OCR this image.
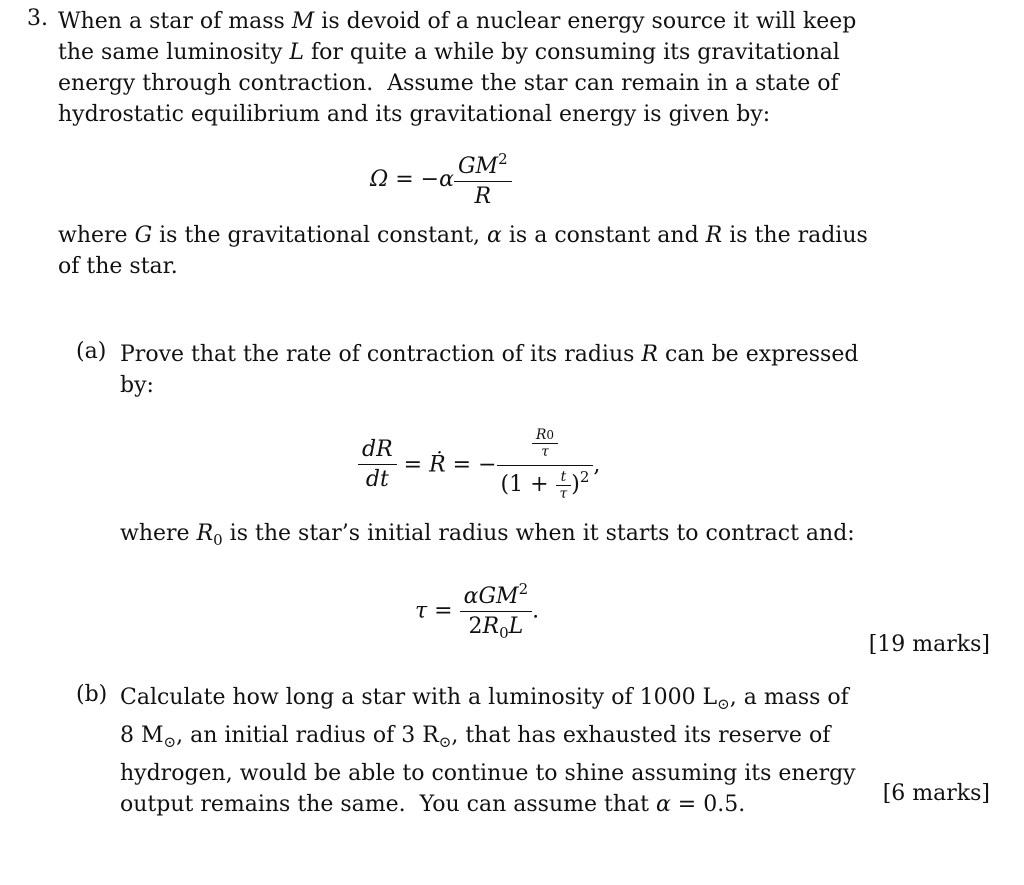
3. When a star of mass M is devoid of a nuclear energy source it will keep
the same luminosity L for quite a while by consuming its gravitational
energy through contraction.  Assume the star can remain in a state of
hydrostatic equilibrium and its gravitational energy is given by:
$\Omega = -\alpha \frac{GM^2}{R}$
where G is the gravitational constant, α is a constant and R is the radius
of the star.
(a) Prove that the rate of contraction of its radius R can be expressed
by:
$\frac{dR}{dt}$ = Ṙ = − $\frac{\frac{R0}{\tau}}{(1 + \frac{t}{\tau} )^2}$ ,
where $R_0$ is the star’s initial radius when it starts to contract and:
$\tau = \frac{\alpha GM^2}{2R_0L}$ .
[19 marks]
(b) Calculate how long a star with a luminosity of 1000 $L_⊙$, a mass of
8 $M_⊙$, an initial radius of 3 $R_⊙$, that has exhausted its reserve of
hydrogen, would be able to continue to shine assuming its energy
output remains the same.  You can assume that α = 0.5.	[6 marks]
